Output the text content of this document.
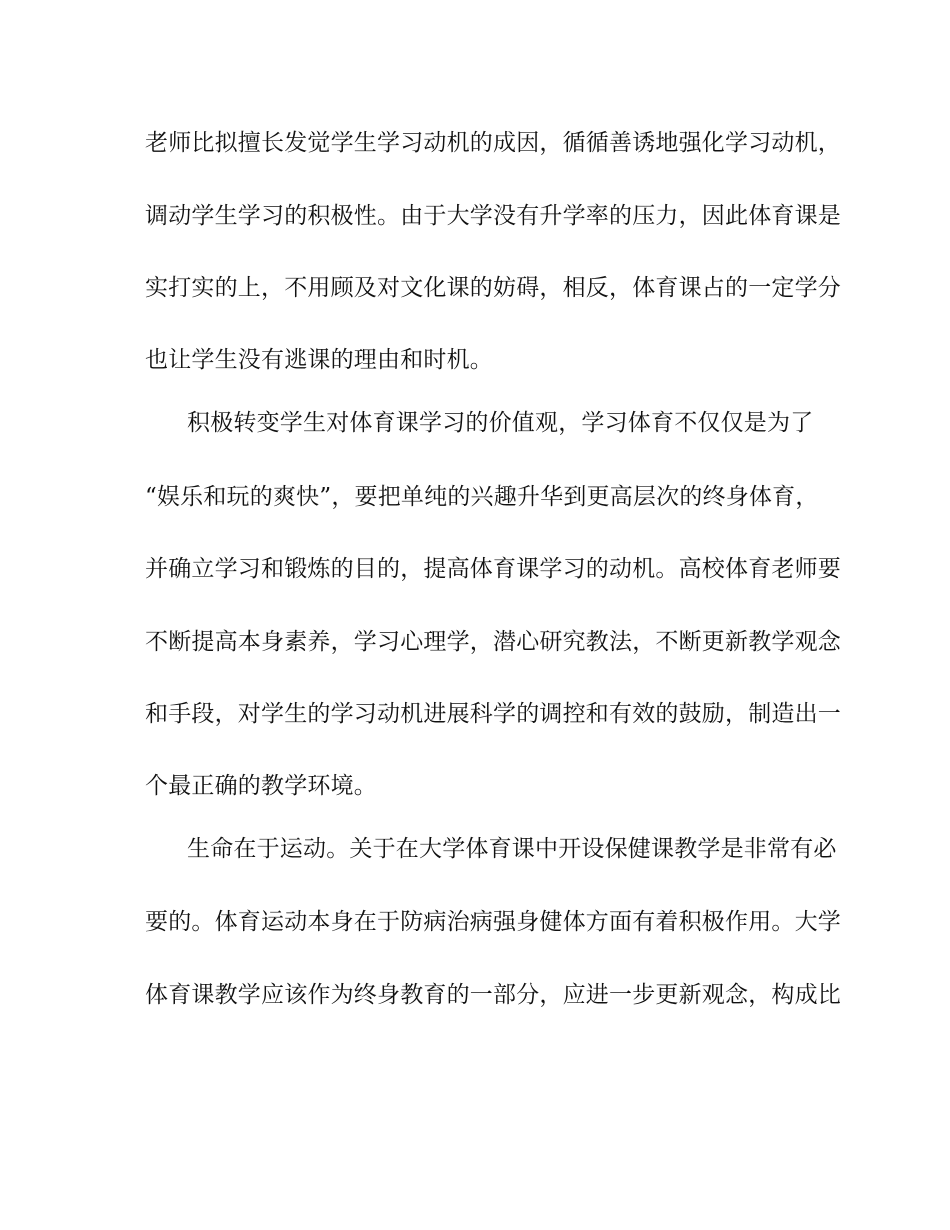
老师比拟擅长发觉学生学习动机的成因，循循善诱地强化学习动机，
调动学生学习的积极性。由于大学没有升学率的压力，因此体育课是
实打实的上，不用顾及对文化课的妨碍，相反，体育课占的一定学分
也让学生没有逃课的理由和时机。
积极转变学生对体育课学习的价值观，学习体育不仅仅是为了
“娱乐和玩的爽快”，要把单纯的兴趣升华到更高层次的终身体育，
并确立学习和锻炼的目的，提高体育课学习的动机。高校体育老师要
不断提高本身素养，学习心理学，潜心研究教法，不断更新教学观念
和手段，对学生的学习动机进展科学的调控和有效的鼓励，制造出一
个最正确的教学环境。
生命在于运动。关于在大学体育课中开设保健课教学是非常有必
要的。体育运动本身在于防病治病强身健体方面有着积极作用。大学
体育课教学应该作为终身教育的一部分，应进一步更新观念，构成比
